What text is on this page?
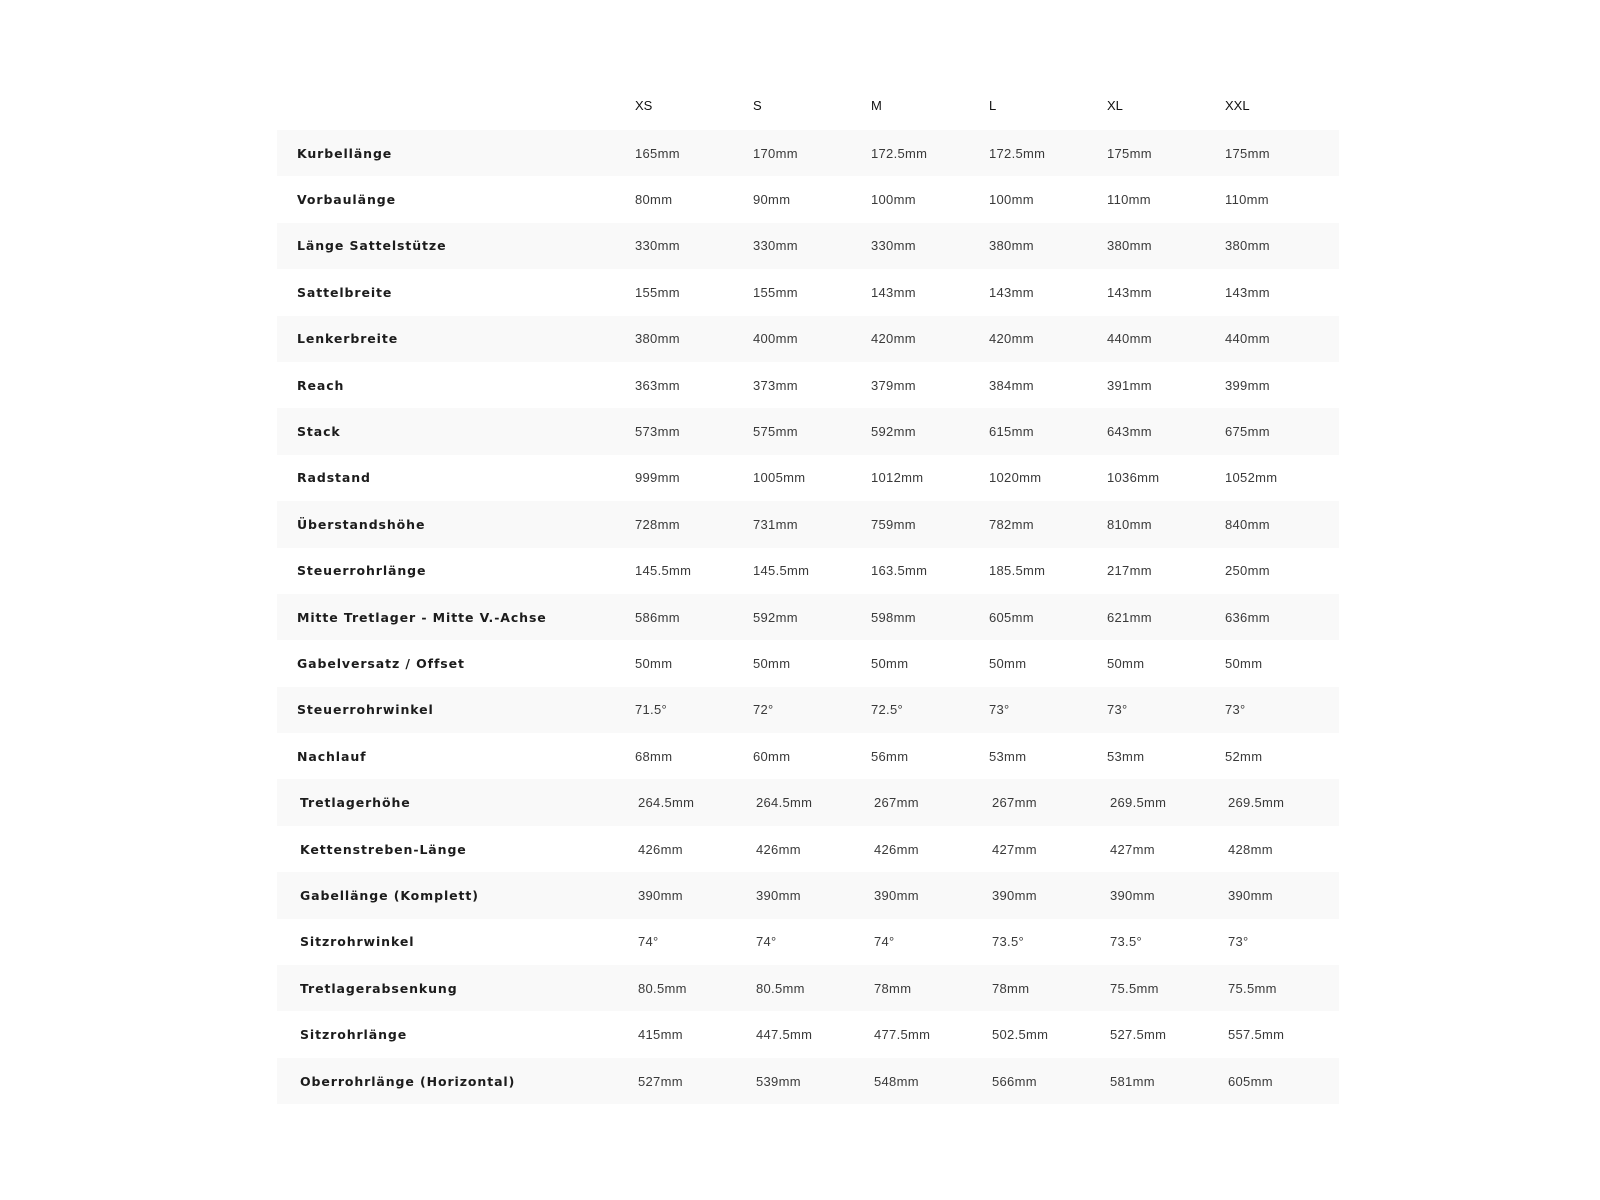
	XS	S	M	L	XL	XXL
Kurbellänge	165mm	170mm	172.5mm	172.5mm	175mm	175mm
Vorbaulänge	80mm	90mm	100mm	100mm	110mm	110mm
Länge Sattelstütze	330mm	330mm	330mm	380mm	380mm	380mm
Sattelbreite	155mm	155mm	143mm	143mm	143mm	143mm
Lenkerbreite	380mm	400mm	420mm	420mm	440mm	440mm
Reach	363mm	373mm	379mm	384mm	391mm	399mm
Stack	573mm	575mm	592mm	615mm	643mm	675mm
Radstand	999mm	1005mm	1012mm	1020mm	1036mm	1052mm
Überstandshöhe	728mm	731mm	759mm	782mm	810mm	840mm
Steuerrohrlänge	145.5mm	145.5mm	163.5mm	185.5mm	217mm	250mm
Mitte Tretlager - Mitte V.-Achse	586mm	592mm	598mm	605mm	621mm	636mm
Gabelversatz / Offset	50mm	50mm	50mm	50mm	50mm	50mm
Steuerrohrwinkel	71.5°	72°	72.5°	73°	73°	73°
Nachlauf	68mm	60mm	56mm	53mm	53mm	52mm
Tretlagerhöhe	264.5mm	264.5mm	267mm	267mm	269.5mm	269.5mm
Kettenstreben-Länge	426mm	426mm	426mm	427mm	427mm	428mm
Gabellänge (Komplett)	390mm	390mm	390mm	390mm	390mm	390mm
Sitzrohrwinkel	74°	74°	74°	73.5°	73.5°	73°
Tretlagerabsenkung	80.5mm	80.5mm	78mm	78mm	75.5mm	75.5mm
Sitzrohrlänge	415mm	447.5mm	477.5mm	502.5mm	527.5mm	557.5mm
Oberrohrlänge (Horizontal)	527mm	539mm	548mm	566mm	581mm	605mm
